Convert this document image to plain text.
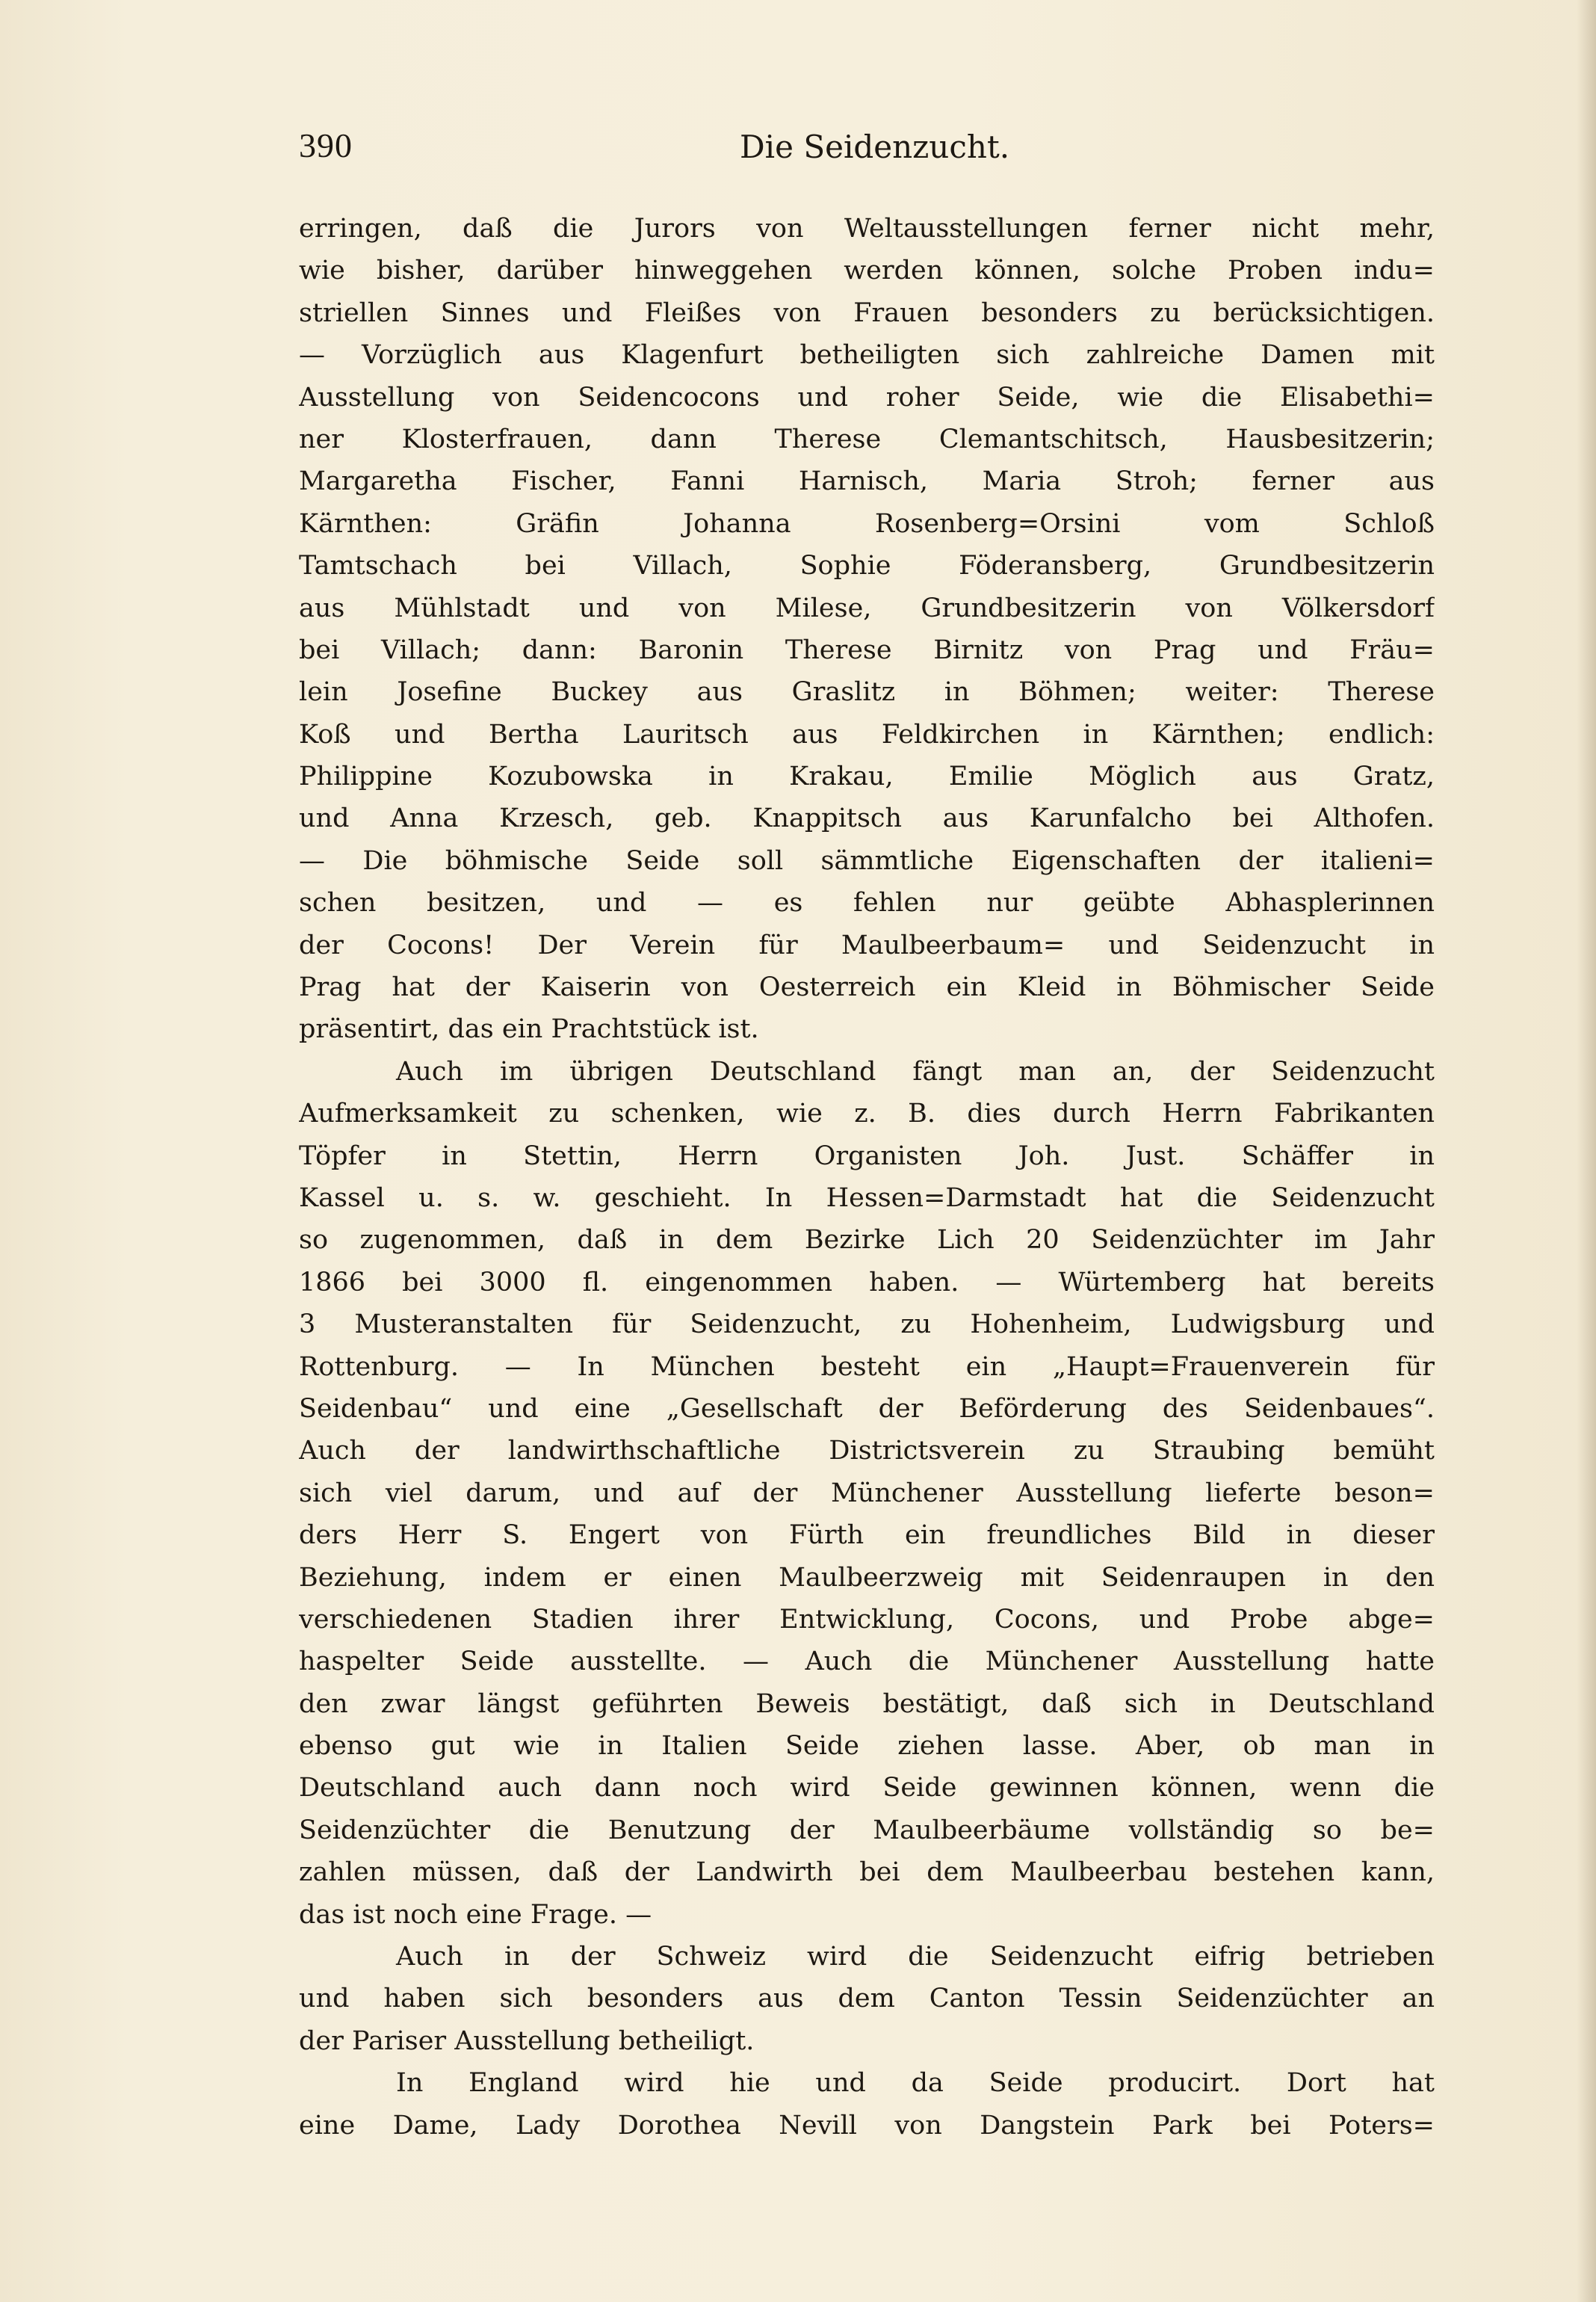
390	Die Seidenzucht.
erringen, daß die Jurors von Weltausstellungen ferner nicht mehr,
wie bisher, darüber hinweggehen werden können, solche Proben indu=
striellen Sinnes und Fleißes von Frauen besonders zu berücksichtigen.
— Vorzüglich aus Klagenfurt betheiligten sich zahlreiche Damen mit
Ausstellung von Seidencocons und roher Seide, wie die Elisabethi=
ner Klosterfrauen, dann Therese Clemantschitsch, Hausbesitzerin;
Margaretha Fischer, Fanni Harnisch, Maria Stroh; ferner aus
Kärnthen: Gräfin Johanna Rosenberg=Orsini vom Schloß
Tamtschach bei Villach, Sophie Föderansberg, Grundbesitzerin
aus Mühlstadt und von Milese, Grundbesitzerin von Völkersdorf
bei Villach; dann: Baronin Therese Birnitz von Prag und Fräu=
lein Josefine Buckey aus Graslitz in Böhmen; weiter: Therese
Koß und Bertha Lauritsch aus Feldkirchen in Kärnthen; endlich:
Philippine Kozubowska in Krakau, Emilie Möglich aus Gratz,
und Anna Krzesch, geb. Knappitsch aus Karunfalcho bei Althofen.
— Die böhmische Seide soll sämmtliche Eigenschaften der italieni=
schen besitzen, und — es fehlen nur geübte Abhasplerinnen
der Cocons! Der Verein für Maulbeerbaum= und Seidenzucht in
Prag hat der Kaiserin von Oesterreich ein Kleid in Böhmischer Seide
präsentirt, das ein Prachtstück ist.
Auch im übrigen Deutschland fängt man an, der Seidenzucht
Aufmerksamkeit zu schenken, wie z. B. dies durch Herrn Fabrikanten
Töpfer in Stettin, Herrn Organisten Joh. Just. Schäffer in
Kassel u. s. w. geschieht. In Hessen=Darmstadt hat die Seidenzucht
so zugenommen, daß in dem Bezirke Lich 20 Seidenzüchter im Jahr
1866 bei 3000 fl. eingenommen haben. — Würtemberg hat bereits
3 Musteranstalten für Seidenzucht, zu Hohenheim, Ludwigsburg und
Rottenburg. — In München besteht ein „Haupt=Frauenverein für
Seidenbau“ und eine „Gesellschaft der Beförderung des Seidenbaues“.
Auch der landwirthschaftliche Districtsverein zu Straubing bemüht
sich viel darum, und auf der Münchener Ausstellung lieferte beson=
ders Herr S. Engert von Fürth ein freundliches Bild in dieser
Beziehung, indem er einen Maulbeerzweig mit Seidenraupen in den
verschiedenen Stadien ihrer Entwicklung, Cocons, und Probe abge=
haspelter Seide ausstellte. — Auch die Münchener Ausstellung hatte
den zwar längst geführten Beweis bestätigt, daß sich in Deutschland
ebenso gut wie in Italien Seide ziehen lasse. Aber, ob man in
Deutschland auch dann noch wird Seide gewinnen können, wenn die
Seidenzüchter die Benutzung der Maulbeerbäume vollständig so be=
zahlen müssen, daß der Landwirth bei dem Maulbeerbau bestehen kann,
das ist noch eine Frage. —
Auch in der Schweiz wird die Seidenzucht eifrig betrieben
und haben sich besonders aus dem Canton Tessin Seidenzüchter an
der Pariser Ausstellung betheiligt.
In England wird hie und da Seide producirt. Dort hat
eine Dame, Lady Dorothea Nevill von Dangstein Park bei Poters=
